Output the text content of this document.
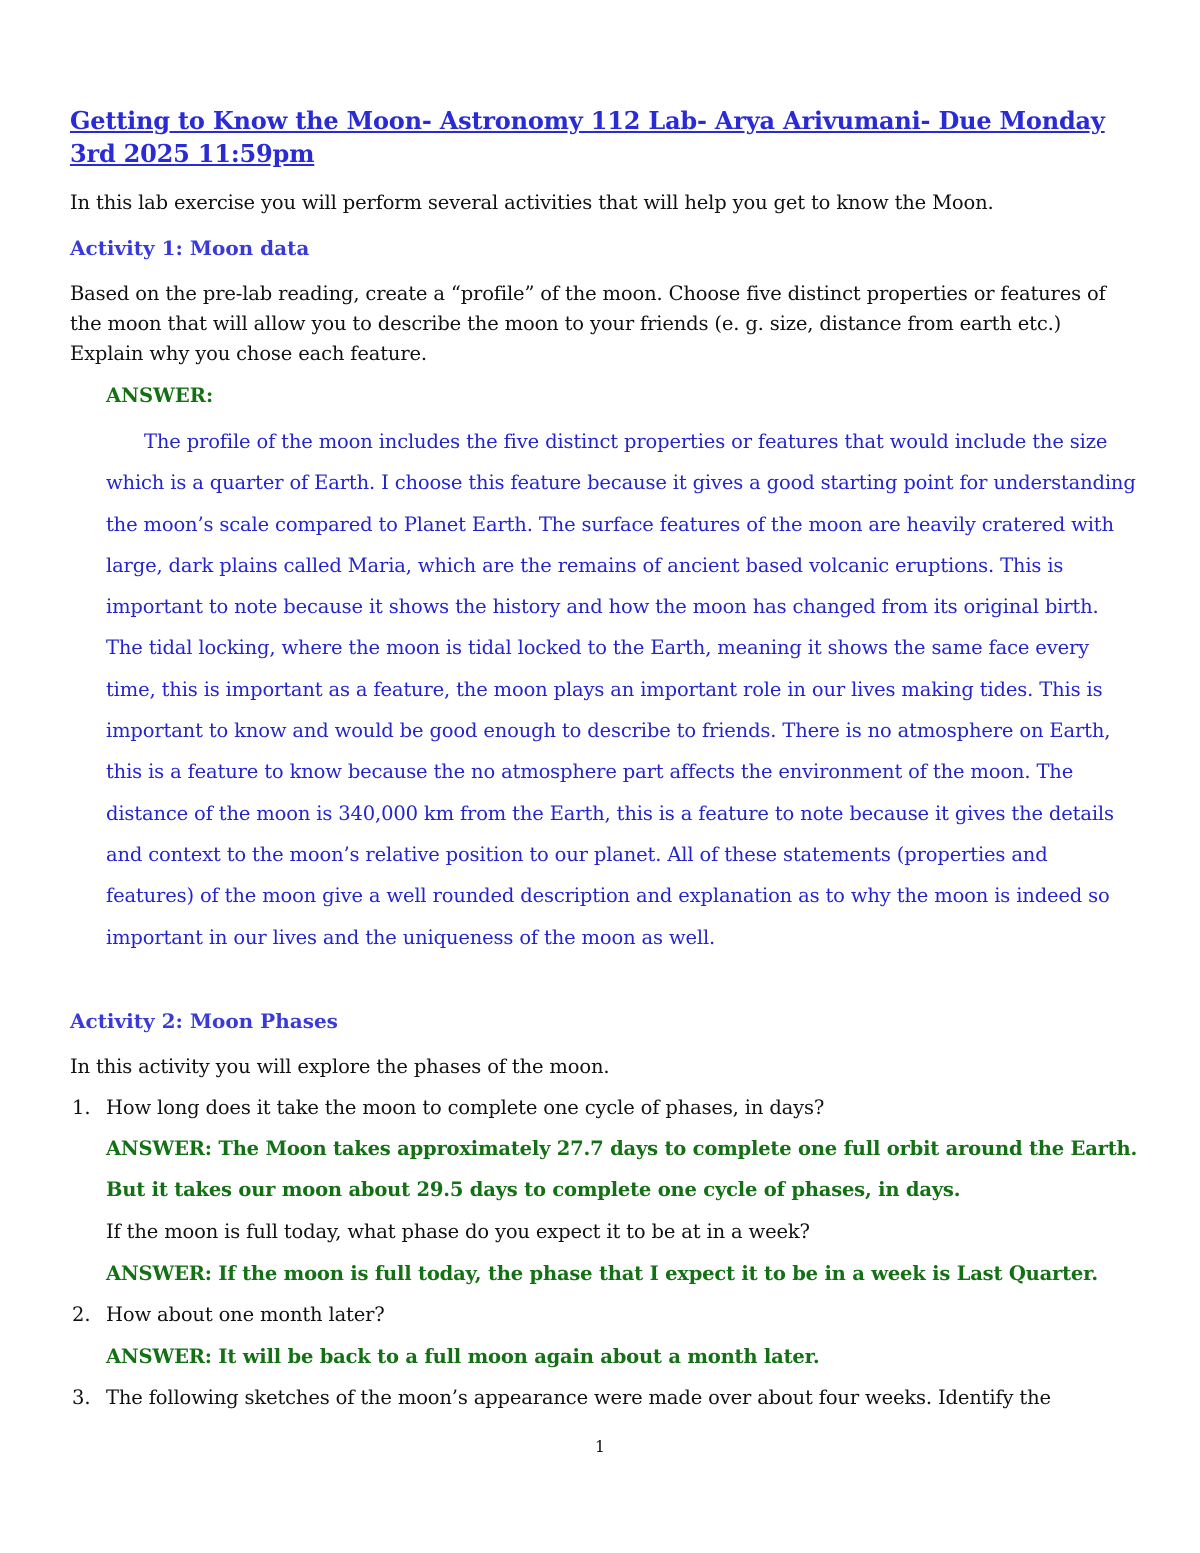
Getting to Know the Moon- Astronomy 112 Lab- Arya Arivumani- Due Monday 3rd 2025 11:59pm

In this lab exercise you will perform several activities that will help you get to know the Moon.

Activity 1: Moon data

Based on the pre-lab reading, create a “profile” of the moon. Choose five distinct properties or features of the moon that will allow you to describe the moon to your friends (e. g. size, distance from earth etc.) Explain why you chose each feature.

ANSWER:

The profile of the moon includes the five distinct properties or features that would include the size which is a quarter of Earth. I choose this feature because it gives a good starting point for understanding the moon’s scale compared to Planet Earth. The surface features of the moon are heavily cratered with large, dark plains called Maria, which are the remains of ancient based volcanic eruptions. This is important to note because it shows the history and how the moon has changed from its original birth. The tidal locking, where the moon is tidal locked to the Earth, meaning it shows the same face every time, this is important as a feature, the moon plays an important role in our lives making tides. This is important to know and would be good enough to describe to friends. There is no atmosphere on Earth, this is a feature to know because the no atmosphere part affects the environment of the moon. The distance of the moon is 340,000 km from the Earth, this is a feature to note because it gives the details and context to the moon’s relative position to our planet. All of these statements (properties and features) of the moon give a well rounded description and explanation as to why the moon is indeed so important in our lives and the uniqueness of the moon as well.

Activity 2: Moon Phases

In this activity you will explore the phases of the moon.

1. How long does it take the moon to complete one cycle of phases, in days?

ANSWER: The Moon takes approximately 27.7 days to complete one full orbit around the Earth.

But it takes our moon about 29.5 days to complete one cycle of phases, in days.

If the moon is full today, what phase do you expect it to be at in a week?

ANSWER: If the moon is full today, the phase that I expect it to be in a week is Last Quarter.

2. How about one month later?

ANSWER: It will be back to a full moon again about a month later.

3. The following sketches of the moon’s appearance were made over about four weeks. Identify the

1
